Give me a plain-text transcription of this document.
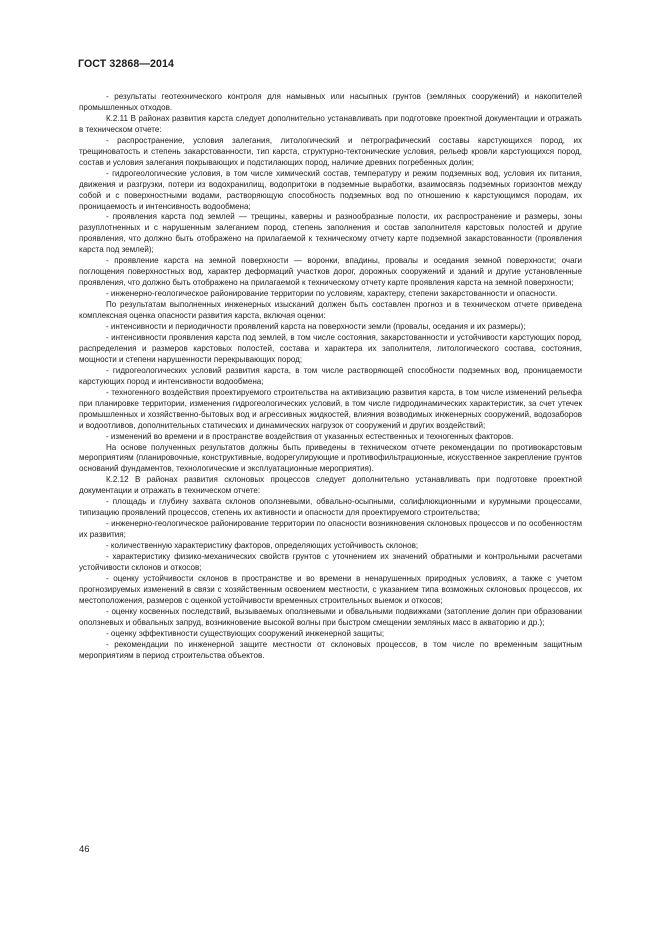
ГОСТ 32868—2014

- результаты геотехнического контроля для намывных или насыпных грунтов (земляных сооружений) и накопителей промышленных отходов.

К.2.11 В районах развития карста следует дополнительно устанавливать при подготовке проектной документации и отражать в техническом отчете:

- распространение, условия залегания, литологический и петрографический составы карстующихся пород, их трещиноватость и степень закарстованности, тип карста, структурно-тектонические условия, рельеф кровли карстующихся пород, состав и условия залегания покрывающих и подстилающих пород, наличие древних погребенных долин;

- гидрогеологические условия, в том числе химический состав, температуру и режим подземных вод, условия их питания, движения и разгрузки, потери из водохранилищ, водопритоки в подземные выработки, взаимосвязь подземных горизонтов между собой и с поверхностными водами, растворяющую способность подземных вод по отношению к карстующимся породам, их проницаемость и интенсивность водообмена;

- проявления карста под землей — трещины, каверны и разнообразные полости, их распространение и размеры, зоны разуплотненных и с нарушенным залеганием пород, степень заполнения и состав заполнителя карстовых полостей и другие проявления, что должно быть отображено на прилагаемой к техническому отчету карте подземной закарстованности (проявления карста под землей);

- проявление карста на земной поверхности — воронки, впадины, провалы и оседания земной поверхности; очаги поглощения поверхностных вод, характер деформаций участков дорог, дорожных сооружений и зданий и другие установленные проявления, что должно быть отображено на прилагаемой к техническому отчету карте проявления карста на земной поверхности;

- инженерно-геологическое районирование территории по условиям, характеру, степени закарстованности и опасности.

По результатам выполненных инженерных изысканий должен быть составлен прогноз и в техническом отчете приведена комплексная оценка опасности развития карста, включая оценки:

- интенсивности и периодичности проявлений карста на поверхности земли (провалы, оседания и их размеры);

- интенсивности проявления карста под землей, в том числе состояния, закарстованности и устойчивости карстующих пород, распределения и размеров карстовых полостей, состава и характера их заполнителя, литологического состава, состояния, мощности и степени нарушенности перекрывающих пород;

- гидрогеологических условий развития карста, в том числе растворяющей способности подземных вод, проницаемости карстующих пород и интенсивности водообмена;

- техногенного воздействия проектируемого строительства на активизацию развития карста, в том числе изменений рельефа при планировке территории, изменения гидрогеологических условий, в том числе гидродинамических характеристик, за счет утечек промышленных и хозяйственно-бытовых вод и агрессивных жидкостей, влияния возводимых инженерных сооружений, водозаборов и водоотливов, дополнительных статических и динамических нагрузок от сооружений и других воздействий;

- изменений во времени и в пространстве воздействия от указанных естественных и техногенных факторов.

На основе полученных результатов должны быть приведены в техническом отчете рекомендации по противокарстовым мероприятиям (планировочные, конструктивные, водорегулирующие и противофильтрационные, искусственное закрепление грунтов оснований фундаментов, технологические и эксплуатационные мероприятия).

К.2.12 В районах развития склоновых процессов следует дополнительно устанавливать при подготовке проектной документации и отражать в техническом отчете:

- площадь и глубину захвата склонов оползневыми, обвально-осыпными, солифлюкционными и курумными процессами, типизацию проявлений процессов, степень их активности и опасности для проектируемого строительства;

- инженерно-геологическое районирование территории по опасности возникновения склоновых процессов и по особенностям их развития;

- количественную характеристику факторов, определяющих устойчивость склонов;

- характеристику физико-механических свойств грунтов с уточнением их значений обратными и контрольными расчетами устойчивости склонов и откосов;

- оценку устойчивости склонов в пространстве и во времени в ненарушенных природных условиях, а также с учетом прогнозируемых изменений в связи с хозяйственным освоением местности, с указанием типа возможных склоновых процессов, их местоположения, размеров с оценкой устойчивости временных строительных выемок и откосов;

- оценку косвенных последствий, вызываемых оползневыми и обвальными подвижками (затопление долин при образовании оползневых и обвальных запруд, возникновение высокой волны при быстром смещении земляных масс в акваторию и др.);

- оценку эффективности существующих сооружений инженерной защиты;

- рекомендации по инженерной защите местности от склоновых процессов, в том числе по временным защитным мероприятиям в период строительства объектов.

46
